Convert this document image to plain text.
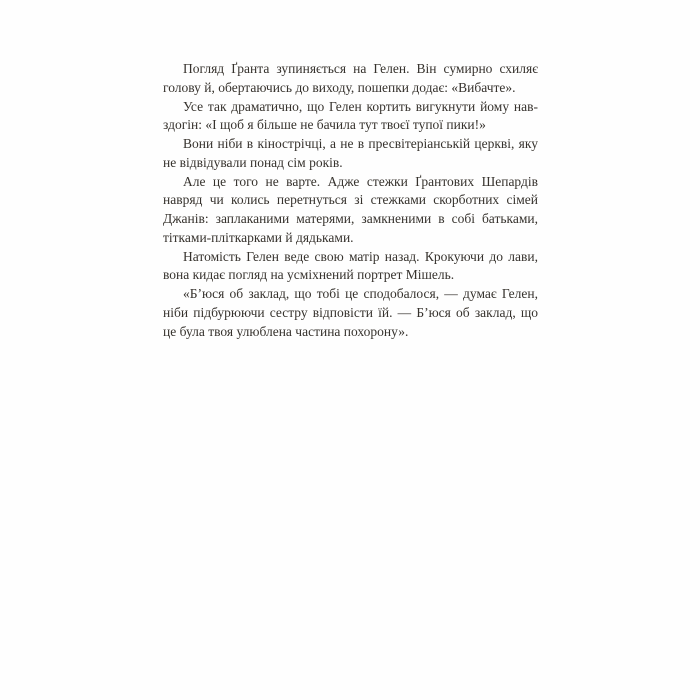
Погляд Ґранта зупиняється на Гелен. Він сумирно схиляє
голову й, обертаючись до виходу, пошепки додає: «Вибачте».
Усе так драматично, що Гелен кортить вигукнути йому нав-
здогін: «І щоб я більше не бачила тут твоєї тупої пики!»
Вони ніби в кінострічці, а не в пресвітеріанській церкві, яку
не відвідували понад сім років.
Але це того не варте. Адже стежки Ґрантових Шепардів
навряд чи колись перетнуться зі стежками скорботних сімей
Джанів: заплаканими матерями, замкненими в собі батьками,
тітками-пліткарками й дядьками.
Натомість Гелен веде свою матір назад. Крокуючи до лави,
вона кидає погляд на усміхнений портрет Мішель.
«Б’юся об заклад, що тобі це сподобалося, — думає Гелен,
ніби підбурюючи сестру відповісти їй. — Б’юся об заклад, що
це була твоя улюблена частина похорону».
